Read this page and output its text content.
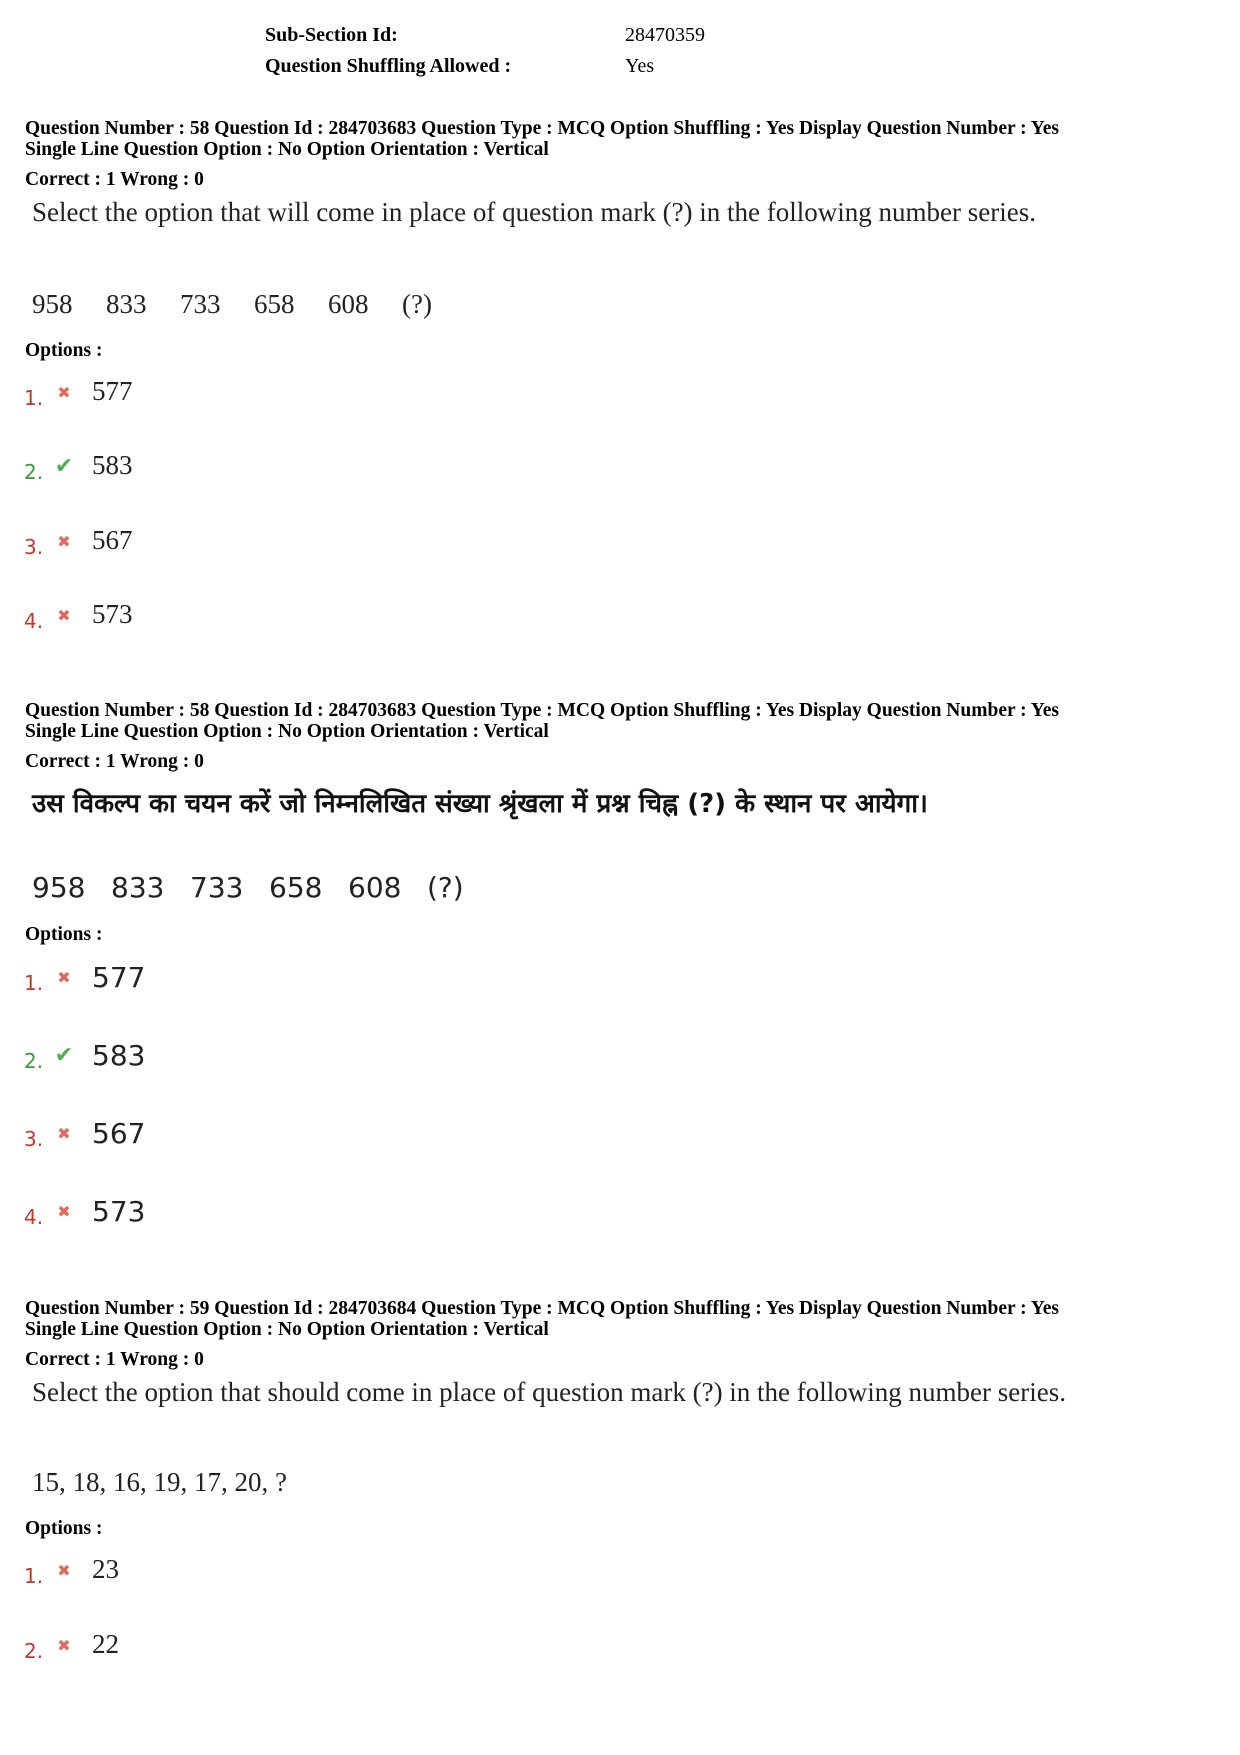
Sub-Section Id:	28470359
Question Shuffling Allowed :	Yes
Question Number : 58 Question Id : 284703683 Question Type : MCQ Option Shuffling : Yes Display Question Number : Yes
Single Line Question Option : No Option Orientation : Vertical
Correct : 1 Wrong : 0
Select the option that will come in place of question mark (?) in the following number series.
958	833	733	658	608	(?)
Options :
1. ✖ 577
2. ✔ 583
3. ✖ 567
4. ✖ 573
Question Number : 58 Question Id : 284703683 Question Type : MCQ Option Shuffling : Yes Display Question Number : Yes
Single Line Question Option : No Option Orientation : Vertical
Correct : 1 Wrong : 0
उस विकल्प का चयन करें जो निम्नलिखित संख्या श्रृंखला में प्रश्न चिह्न (?) के स्थान पर आयेगा।
958 833 733 658 608 (?)
Options :
1. ✖ 577
2. ✔ 583
3. ✖ 567
4. ✖ 573
Question Number : 59 Question Id : 284703684 Question Type : MCQ Option Shuffling : Yes Display Question Number : Yes
Single Line Question Option : No Option Orientation : Vertical
Correct : 1 Wrong : 0
Select the option that should come in place of question mark (?) in the following number series.
15, 18, 16, 19, 17, 20, ?
Options :
1. ✖ 23
2. ✖ 22
